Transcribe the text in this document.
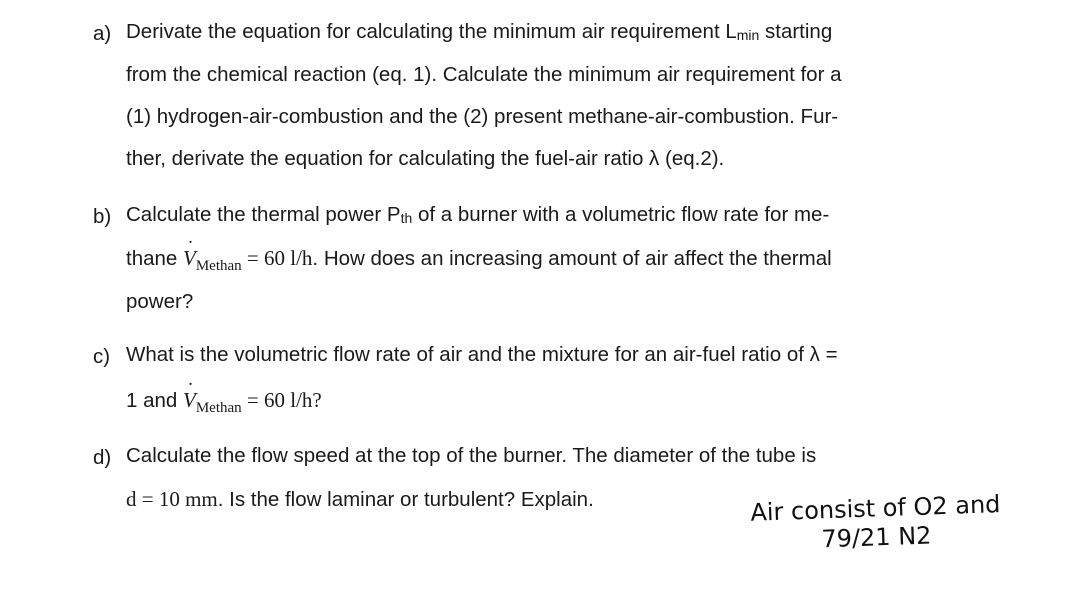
a) Derivate the equation for calculating the minimum air requirement Lmin starting
from the chemical reaction (eq. 1). Calculate the minimum air requirement for a
(1) hydrogen-air-combustion and the (2) present methane-air-combustion. Fur-
ther, derivate the equation for calculating the fuel-air ratio λ (eq.2).
b) Calculate the thermal power Pth of a burner with a volumetric flow rate for me-
thane ˙ $V_{Methan} = 60$ l/h. How does an increasing amount of air affect the thermal
power?
c) What is the volumetric flow rate of air and the mixture for an air-fuel ratio of λ =
1 and ˙ $V_{Methan} = 60$ l/h?
d) Calculate the flow speed at the top of the burner. The diameter of the tube is
d = 10 mm. Is the flow laminar or turbulent? Explain.	Air consist of O2 and
79/21 N2
